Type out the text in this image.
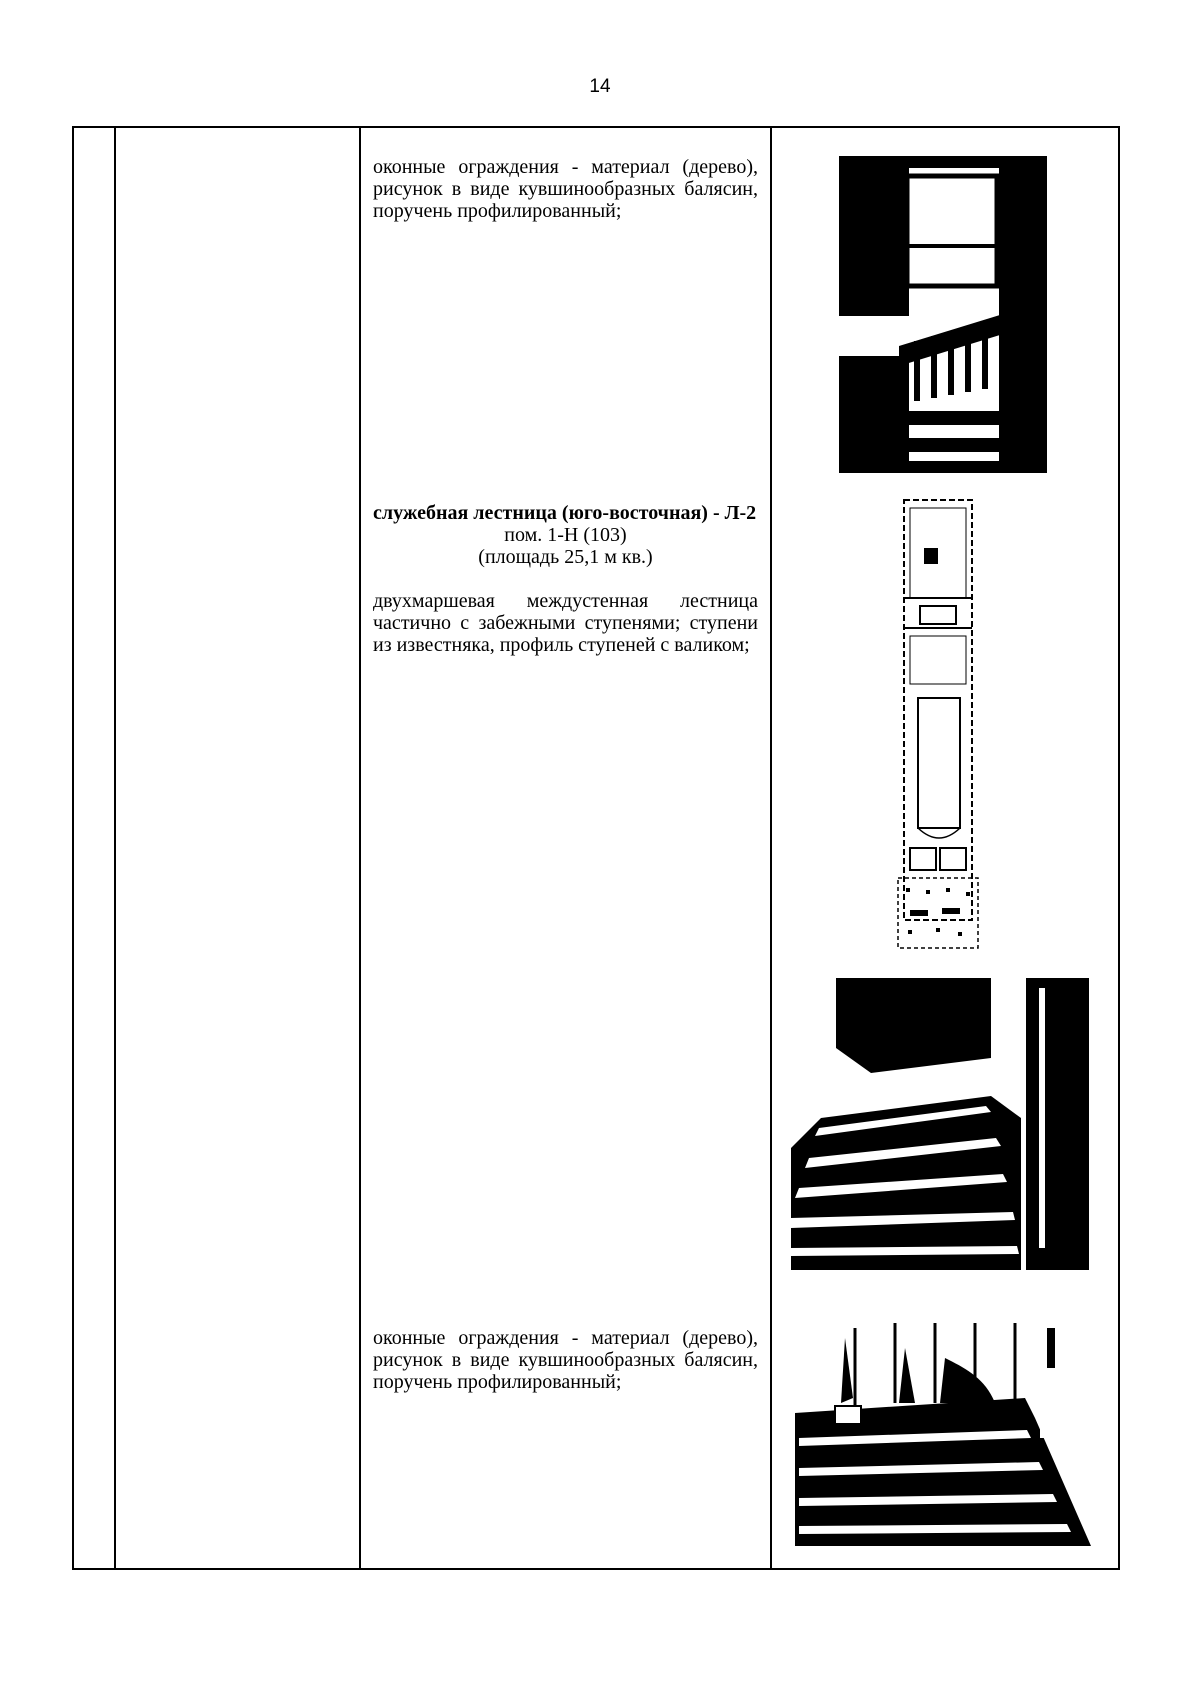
14
оконные ограждения - материал (дерево), рисунок в виде кувшинообразных балясин, поручень профилированный;
служебная лестница (юго-восточная) - Л-2
пом. 1-Н (103)
(площадь 25,1 м кв.)
двухмаршевая междустенная лестница частично с забежными ступенями; ступени из известняка, профиль ступеней с валиком;
оконные ограждения - материал (дерево), рисунок в виде кувшинообразных балясин, поручень профилированный;
